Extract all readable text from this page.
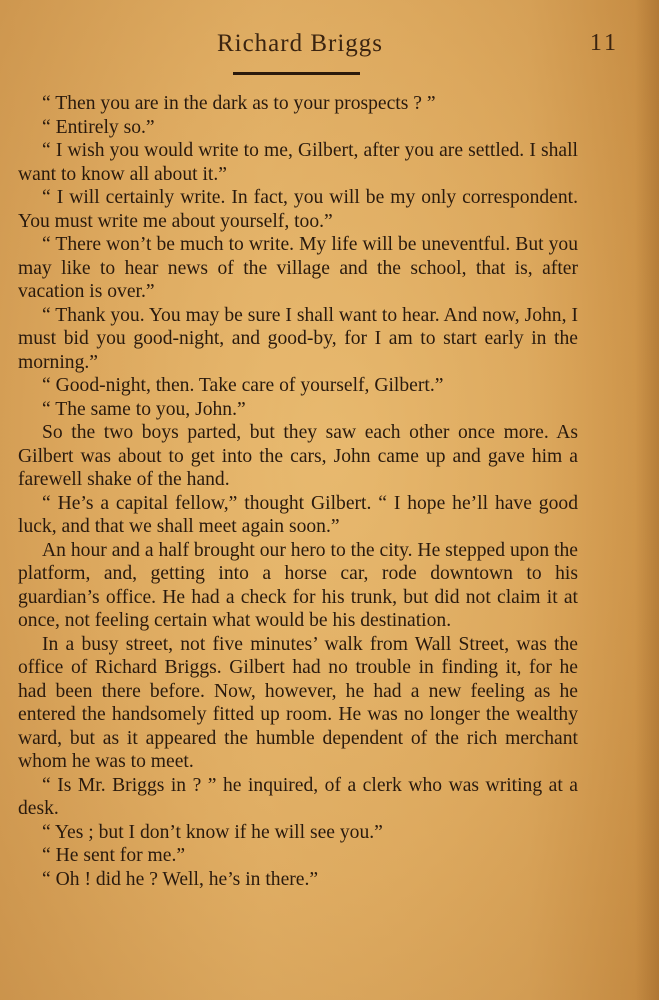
Richard Briggs	11

“ Then you are in the dark as to your prospects ? ”

“ Entirely so.”

“ I wish you would write to me, Gilbert, after you are settled. I shall want to know all about it.”

“ I will certainly write. In fact, you will be my only correspondent. You must write me about yourself, too.”

“ There won’t be much to write. My life will be uneventful. But you may like to hear news of the village and the school, that is, after vacation is over.”

“ Thank you. You may be sure I shall want to hear. And now, John, I must bid you good-night, and good-by, for I am to start early in the morning.”

“ Good-night, then. Take care of yourself, Gilbert.”

“ The same to you, John.”

So the two boys parted, but they saw each other once more. As Gilbert was about to get into the cars, John came up and gave him a farewell shake of the hand.

“ He’s a capital fellow,” thought Gilbert. “ I hope he’ll have good luck, and that we shall meet again soon.”

An hour and a half brought our hero to the city. He stepped upon the platform, and, getting into a horse car, rode downtown to his guardian’s office. He had a check for his trunk, but did not claim it at once, not feeling certain what would be his destination.

In a busy street, not five minutes’ walk from Wall Street, was the office of Richard Briggs. Gilbert had no trouble in finding it, for he had been there before. Now, however, he had a new feeling as he entered the handsomely fitted up room. He was no longer the wealthy ward, but as it appeared the humble dependent of the rich merchant whom he was to meet.

“ Is Mr. Briggs in ? ” he inquired, of a clerk who was writing at a desk.

“ Yes ; but I don’t know if he will see you.”

“ He sent for me.”

“ Oh ! did he ? Well, he’s in there.”
